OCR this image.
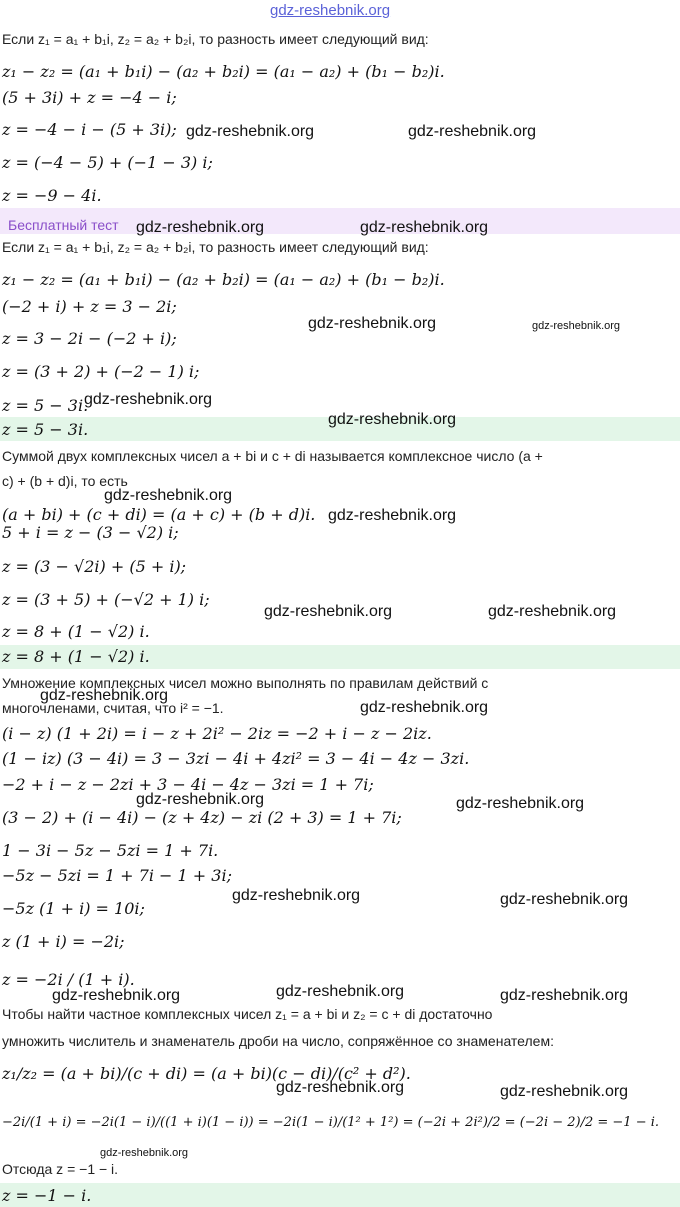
gdz-reshebnik.org
Бесплатный тест
Если z₁ = a₁ + b₁i, z₂ = a₂ + b₂i, то разность имеет следующий вид:
z₁ − z₂ = (a₁ + b₁i) − (a₂ + b₂i) = (a₁ − a₂) + (b₁ − b₂)i.
(5 + 3i) + z = −4 − i;
z = −4 − i − (5 + 3i);
z = (−4 − 5) + (−1 − 3) i;
z = −9 − 4i.
Если z₁ = a₁ + b₁i, z₂ = a₂ + b₂i, то разность имеет следующий вид:
z₁ − z₂ = (a₁ + b₁i) − (a₂ + b₂i) = (a₁ − a₂) + (b₁ − b₂)i.
(−2 + i) + z = 3 − 2i;
z = 3 − 2i − (−2 + i);
z = (3 + 2) + (−2 − 1) i;
z = 5 − 3i.
z = 5 − 3i.
Суммой двух комплексных чисел a + bi и c + di называется комплексное число (a +
c) + (b + d)i, то есть
(a + bi) + (c + di) = (a + c) + (b + d)i.
5 + i = z − (3 − √2) i;
z = (3 − √2i) + (5 + i);
z = (3 + 5) + (−√2 + 1) i;
z = 8 + (1 − √2) i.
z = 8 + (1 − √2) i.
Умножение комплексных чисел можно выполнять по правилам действий с
многочленами, считая, что i² = −1.
(i − z) (1 + 2i) = i − z + 2i² − 2iz = −2 + i − z − 2iz.
(1 − iz) (3 − 4i) = 3 − 3zi − 4i + 4zi² = 3 − 4i − 4z − 3zi.
−2 + i − z − 2zi + 3 − 4i − 4z − 3zi = 1 + 7i;
(3 − 2) + (i − 4i) − (z + 4z) − zi (2 + 3) = 1 + 7i;
1 − 3i − 5z − 5zi = 1 + 7i.
−5z − 5zi = 1 + 7i − 1 + 3i;
−5z (1 + i) = 10i;
z (1 + i) = −2i;
z = −2i / (1 + i).
Чтобы найти частное комплексных чисел z₁ = a + bi и z₂ = c + di достаточно
умножить числитель и знаменатель дроби на число, сопряжённое со знаменателем:
z₁/z₂ = (a + bi)/(c + di) = (a + bi)(c − di)/(c² + d²).
−2i/(1 + i) = −2i(1 − i)/((1 + i)(1 − i)) = −2i(1 − i)/(1² + 1²) = (−2i + 2i²)/2 = (−2i − 2)/2 = −1 − i.
Отсюда z = −1 − i.
z = −1 − i.
gdz-reshebnik.org	gdz-reshebnik.org
gdz-reshebnik.org	gdz-reshebnik.org
gdz-reshebnik.org	gdz-reshebnik.org
gdz-reshebnik.org
gdz-reshebnik.org
gdz-reshebnik.org
gdz-reshebnik.org
gdz-reshebnik.org	gdz-reshebnik.org
gdz-reshebnik.org
gdz-reshebnik.org
gdz-reshebnik.org	gdz-reshebnik.org
gdz-reshebnik.org	gdz-reshebnik.org
gdz-reshebnik.org	gdz-reshebnik.org	gdz-reshebnik.org
gdz-reshebnik.org	gdz-reshebnik.org
gdz-reshebnik.org
